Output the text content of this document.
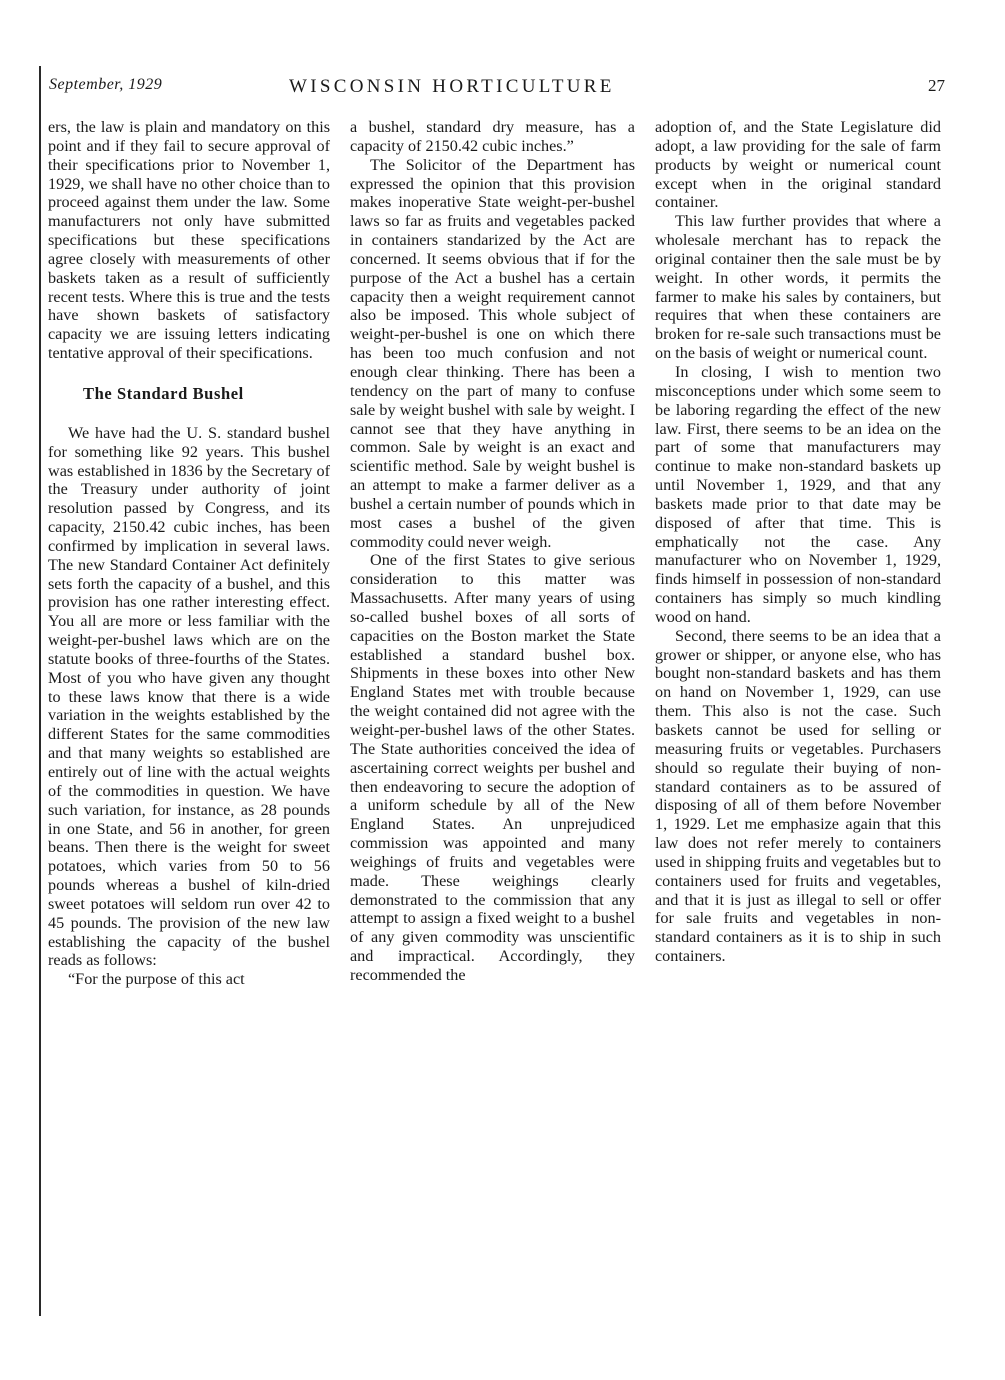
September, 1929	WISCONSIN HORTICULTURE	27

ers, the law is plain and mandatory on this point and if they fail to secure approval of their specifications prior to November 1, 1929, we shall have no other choice than to proceed against them under the law. Some manufacturers not only have submitted specifications but these specifications agree closely with measurements of other baskets taken as a result of sufficiently recent tests. Where this is true and the tests have shown baskets of satisfactory capacity we are issuing letters indicating tentative approval of their specifications.

The Standard Bushel

We have had the U. S. standard bushel for something like 92 years. This bushel was established in 1836 by the Secretary of the Treasury under authority of joint resolution passed by Congress, and its capacity, 2150.42 cubic inches, has been confirmed by implication in several laws. The new Standard Container Act definitely sets forth the capacity of a bushel, and this provision has one rather interesting effect. You all are more or less familiar with the weight-per-bushel laws which are on the statute books of three-fourths of the States. Most of you who have given any thought to these laws know that there is a wide variation in the weights established by the different States for the same commodities and that many weights so established are entirely out of line with the actual weights of the commodities in question. We have such variation, for instance, as 28 pounds in one State, and 56 in another, for green beans. Then there is the weight for sweet potatoes, which varies from 50 to 56 pounds whereas a bushel of kiln-dried sweet potatoes will seldom run over 42 to 45 pounds. The provision of the new law establishing the capacity of the bushel reads as follows:

“For the purpose of this act

a bushel, standard dry measure, has a capacity of 2150.42 cubic inches.”

The Solicitor of the Department has expressed the opinion that this provision makes inoperative State weight-per-bushel laws so far as fruits and vegetables packed in containers standarized by the Act are concerned. It seems obvious that if for the purpose of the Act a bushel has a certain capacity then a weight requirement cannot also be imposed. This whole subject of weight-per-bushel is one on which there has been too much confusion and not enough clear thinking. There has been a tendency on the part of many to confuse sale by weight bushel with sale by weight. I cannot see that they have anything in common. Sale by weight is an exact and scientific method. Sale by weight bushel is an attempt to make a farmer deliver as a bushel a certain number of pounds which in most cases a bushel of the given commodity could never weigh.

One of the first States to give serious consideration to this matter was Massachusetts. After many years of using so-called bushel boxes of all sorts of capacities on the Boston market the State established a standard bushel box. Shipments in these boxes into other New England States met with trouble because the weight contained did not agree with the weight-per-bushel laws of the other States. The State authorities conceived the idea of ascertaining correct weights per bushel and then endeavoring to secure the adoption of a uniform schedule by all of the New England States. An unprejudiced commission was appointed and many weighings of fruits and vegetables were made. These weighings clearly demonstrated to the commission that any attempt to assign a fixed weight to a bushel of any given commodity was unscientific and impractical. Accordingly, they recommended the

adoption of, and the State Legislature did adopt, a law providing for the sale of farm products by weight or numerical count except when in the original standard container.

This law further provides that where a wholesale merchant has to repack the original container then the sale must be by weight. In other words, it permits the farmer to make his sales by containers, but requires that when these containers are broken for re-sale such transactions must be on the basis of weight or numerical count.

In closing, I wish to mention two misconceptions under which some seem to be laboring regarding the effect of the new law. First, there seems to be an idea on the part of some that manufacturers may continue to make non-standard baskets up until November 1, 1929, and that any baskets made prior to that date may be disposed of after that time. This is emphatically not the case. Any manufacturer who on November 1, 1929, finds himself in possession of non-standard containers has simply so much kindling wood on hand.

Second, there seems to be an idea that a grower or shipper, or anyone else, who has bought non-standard baskets and has them on hand on November 1, 1929, can use them. This also is not the case. Such baskets cannot be used for selling or measuring fruits or vegetables. Purchasers should so regulate their buying of non-standard containers as to be assured of disposing of all of them before November 1, 1929. Let me emphasize again that this law does not refer merely to containers used in shipping fruits and vegetables but to containers used for fruits and vegetables, and that it is just as illegal to sell or offer for sale fruits and vegetables in non-standard containers as it is to ship in such containers.
